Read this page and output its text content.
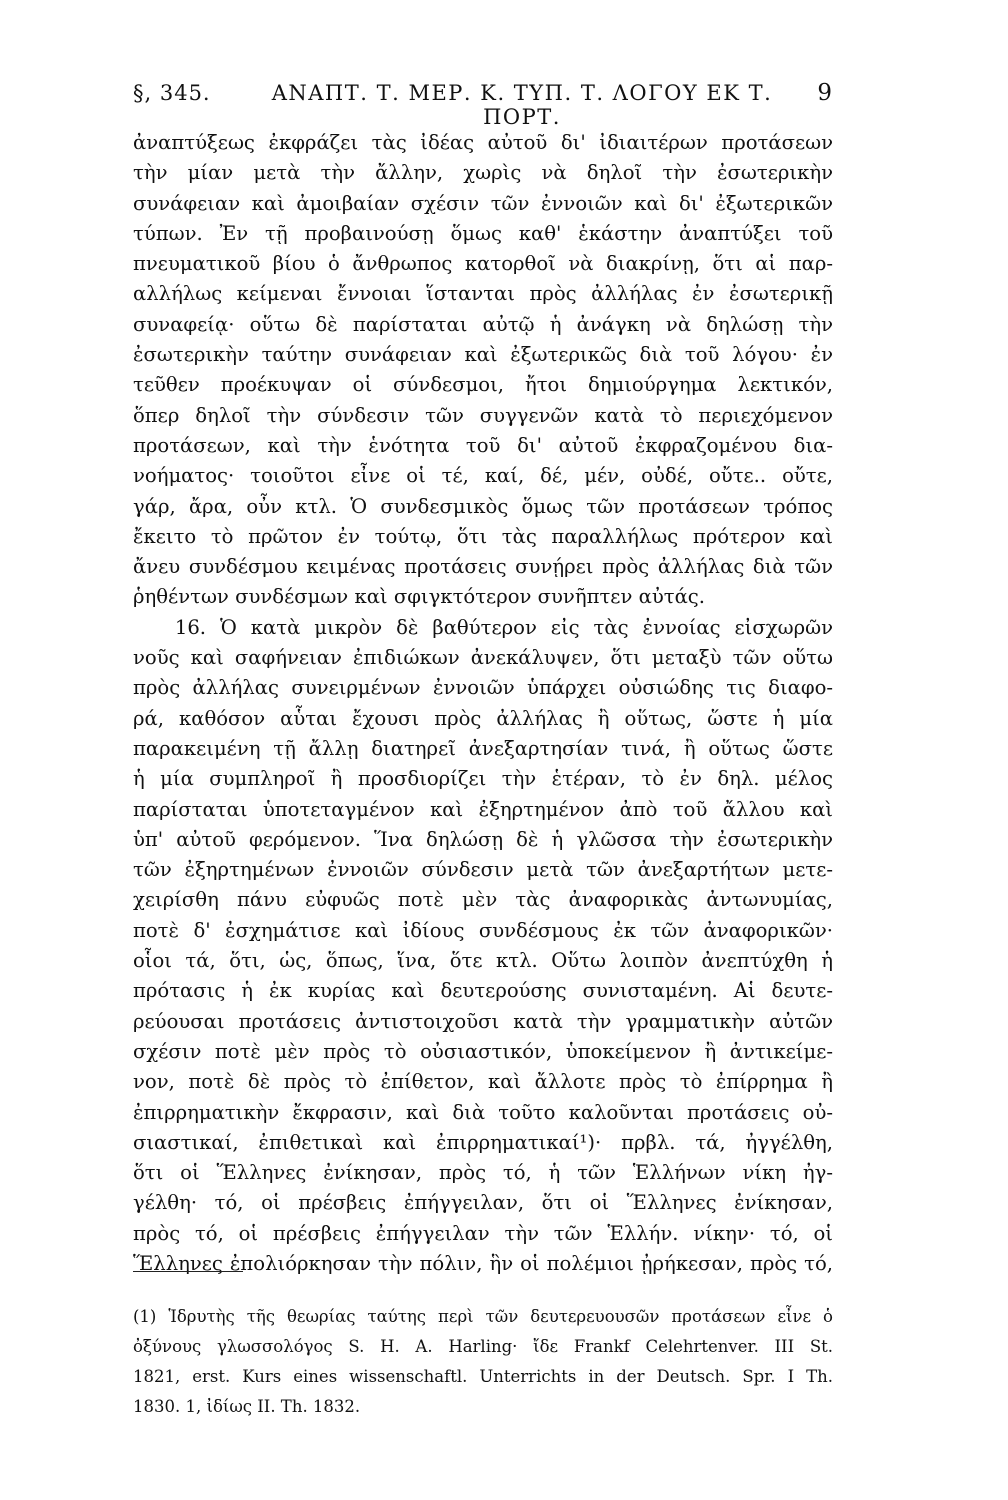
§, 345.	ΑΝΑΠΤ. Τ. ΜΕΡ. Κ. ΤΥΠ. Τ. ΛΟΓΟΥ ΕΚ Τ. ΠΟΡΤ.
9
ἀναπτύξεως ἐκφράζει τὰς ἰδέας αὐτοῦ δι' ἰδιαιτέρων προτάσεων
τὴν μίαν μετὰ τὴν ἄλλην, χωρὶς νὰ δηλοῖ τὴν ἐσωτερικὴν
συνάφειαν καὶ ἀμοιβαίαν σχέσιν τῶν ἐννοιῶν καὶ δι' ἐξωτερικῶν
τύπων. Ἐν τῇ προβαινούσῃ ὅμως καθ' ἑκάστην ἀναπτύξει τοῦ
πνευματικοῦ βίου ὁ ἄνθρωπος κατορθοῖ νὰ διακρίνῃ, ὅτι αἱ παρ-
αλλήλως κείμεναι ἔννοιαι ἵστανται πρὸς ἀλλήλας ἐν ἐσωτερικῇ
συναφείᾳ· οὕτω δὲ παρίσταται αὐτῷ ἡ ἀνάγκη νὰ δηλώσῃ τὴν
ἐσωτερικὴν ταύτην συνάφειαν καὶ ἐξωτερικῶς διὰ τοῦ λόγου· ἐν
τεῦθεν προέκυψαν οἱ σύνδεσμοι, ἤτοι δημιούργημα λεκτικόν,
ὅπερ δηλοῖ τὴν σύνδεσιν τῶν συγγενῶν κατὰ τὸ περιεχόμενον
προτάσεων, καὶ τὴν ἑνότητα τοῦ δι' αὐτοῦ ἐκφραζομένου δια-
νοήματος· τοιοῦτοι εἶνε οἱ τέ, καί, δέ, μέν, οὐδέ, οὔτε.. οὔτε,
γάρ, ἄρα, οὖν κτλ. Ὁ συνδεσμικὸς ὅμως τῶν προτάσεων τρόπος
ἔκειτο τὸ πρῶτον ἐν τούτῳ, ὅτι τὰς παραλλήλως πρότερον καὶ
ἄνευ συνδέσμου κειμένας προτάσεις συνῄρει πρὸς ἀλλήλας διὰ τῶν
ῥηθέντων συνδέσμων καὶ σφιγκτότερον συνῆπτεν αὐτάς.
16. Ὁ κατὰ μικρὸν δὲ βαθύτερον εἰς τὰς ἐννοίας εἰσχωρῶν
νοῦς καὶ σαφήνειαν ἐπιδιώκων ἀνεκάλυψεν, ὅτι μεταξὺ τῶν οὕτω
πρὸς ἀλλήλας συνειρμένων ἐννοιῶν ὑπάρχει οὐσιώδης τις διαφο-
ρά, καθόσον αὗται ἔχουσι πρὸς ἀλλήλας ἢ οὕτως, ὥστε ἡ μία
παρακειμένη τῇ ἄλλῃ διατηρεῖ ἀνεξαρτησίαν τινά, ἢ οὕτως ὥστε
ἡ μία συμπληροῖ ἢ προσδιορίζει τὴν ἑτέραν, τὸ ἐν δηλ. μέλος
παρίσταται ὑποτεταγμένον καὶ ἐξηρτημένον ἀπὸ τοῦ ἄλλου καὶ
ὑπ' αὐτοῦ φερόμενον. Ἵνα δηλώσῃ δὲ ἡ γλῶσσα τὴν ἐσωτερικὴν
τῶν ἐξηρτημένων ἐννοιῶν σύνδεσιν μετὰ τῶν ἀνεξαρτήτων μετε-
χειρίσθη πάνυ εὐφυῶς ποτὲ μὲν τὰς ἀναφορικὰς ἀντωνυμίας,
ποτὲ δ' ἐσχημάτισε καὶ ἰδίους συνδέσμους ἐκ τῶν ἀναφορικῶν·
οἷοι τά, ὅτι, ὡς, ὅπως, ἵνα, ὅτε κτλ. Οὕτω λοιπὸν ἀνεπτύχθη ἡ
πρότασις ἡ ἐκ κυρίας καὶ δευτερούσης συνισταμένη. Αἱ δευτε-
ρεύουσαι προτάσεις ἀντιστοιχοῦσι κατὰ τὴν γραμματικὴν αὐτῶν
σχέσιν ποτὲ μὲν πρὸς τὸ οὐσιαστικόν, ὑποκείμενον ἢ ἀντικείμε-
νον, ποτὲ δὲ πρὸς τὸ ἐπίθετον, καὶ ἄλλοτε πρὸς τὸ ἐπίρρημα ἢ
ἐπιρρηματικὴν ἔκφρασιν, καὶ διὰ τοῦτο καλοῦνται προτάσεις οὐ-
σιαστικαί, ἐπιθετικαὶ καὶ ἐπιρρηματικαί¹)· πρβλ. τά, ἠγγέλθη,
ὅτι οἱ Ἕλληνες ἐνίκησαν, πρὸς τό, ἡ τῶν Ἑλλήνων νίκη ἠγ-
γέλθη· τό, οἱ πρέσβεις ἐπήγγειλαν, ὅτι οἱ Ἕλληνες ἐνίκησαν,
πρὸς τό, οἱ πρέσβεις ἐπήγγειλαν τὴν τῶν Ἑλλήν. νίκην· τό, οἱ
Ἕλληνες ἐπολιόρκησαν τὴν πόλιν, ἣν οἱ πολέμιοι ᾐρήκεσαν, πρὸς τό,
(1) Ἱδρυτὴς τῆς θεωρίας ταύτης περὶ τῶν δευτερευουσῶν προτάσεων εἶνε ὁ
ὀξύνους γλωσσολόγος S. H. A. Harling· ἴδε Frankf Celehrtenver. III St.
1821, erst. Kurs eines wissenschaftl. Unterrichts in der Deutsch. Spr. I Th.
1830. 1, ἰδίως II. Th. 1832.
